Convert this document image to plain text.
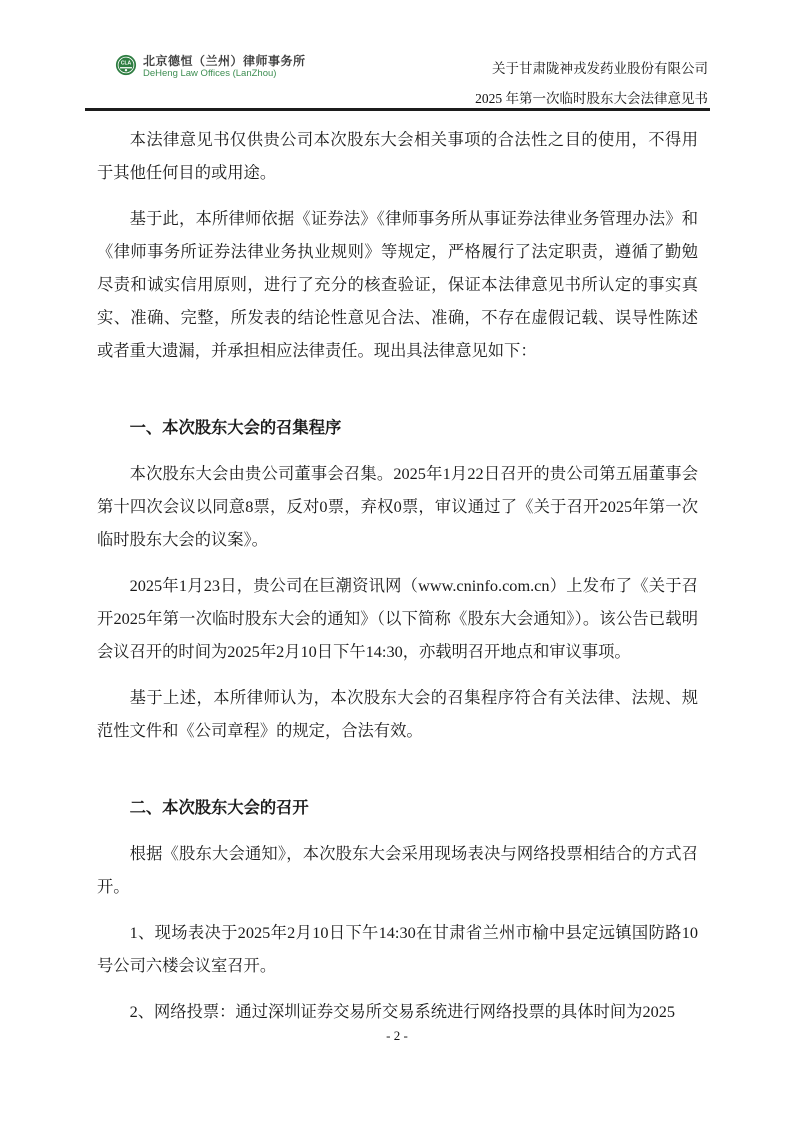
CLA 北京德恒（兰州）律师事务所
DeHeng Law Offices (LanZhou)	关于甘肃陇神戎发药业股份有限公司
2025 年第一次临时股东大会法律意见书

本法律意见书仅供贵公司本次股东大会相关事项的合法性之目的使用，不得用于其他任何目的或用途。

基于此，本所律师依据《证券法》《律师事务所从事证券法律业务管理办法》和《律师事务所证券法律业务执业规则》等规定，严格履行了法定职责，遵循了勤勉尽责和诚实信用原则，进行了充分的核查验证，保证本法律意见书所认定的事实真实、准确、完整，所发表的结论性意见合法、准确，不存在虚假记载、误导性陈述或者重大遗漏，并承担相应法律责任。现出具法律意见如下：

一、本次股东大会的召集程序

本次股东大会由贵公司董事会召集。2025年1月22日召开的贵公司第五届董事会第十四次会议以同意8票，反对0票，弃权0票，审议通过了《关于召开2025年第一次临时股东大会的议案》。

2025年1月23日，贵公司在巨潮资讯网（www.cninfo.com.cn）上发布了《关于召开2025年第一次临时股东大会的通知》（以下简称《股东大会通知》）。该公告已载明会议召开的时间为2025年2月10日下午14:30，亦载明召开地点和审议事项。

基于上述，本所律师认为，本次股东大会的召集程序符合有关法律、法规、规范性文件和《公司章程》的规定，合法有效。

二、本次股东大会的召开

根据《股东大会通知》，本次股东大会采用现场表决与网络投票相结合的方式召开。

1、现场表决于2025年2月10日下午14:30在甘肃省兰州市榆中县定远镇国防路10号公司六楼会议室召开。

2、网络投票：通过深圳证券交易所交易系统进行网络投票的具体时间为2025

- 2 -
